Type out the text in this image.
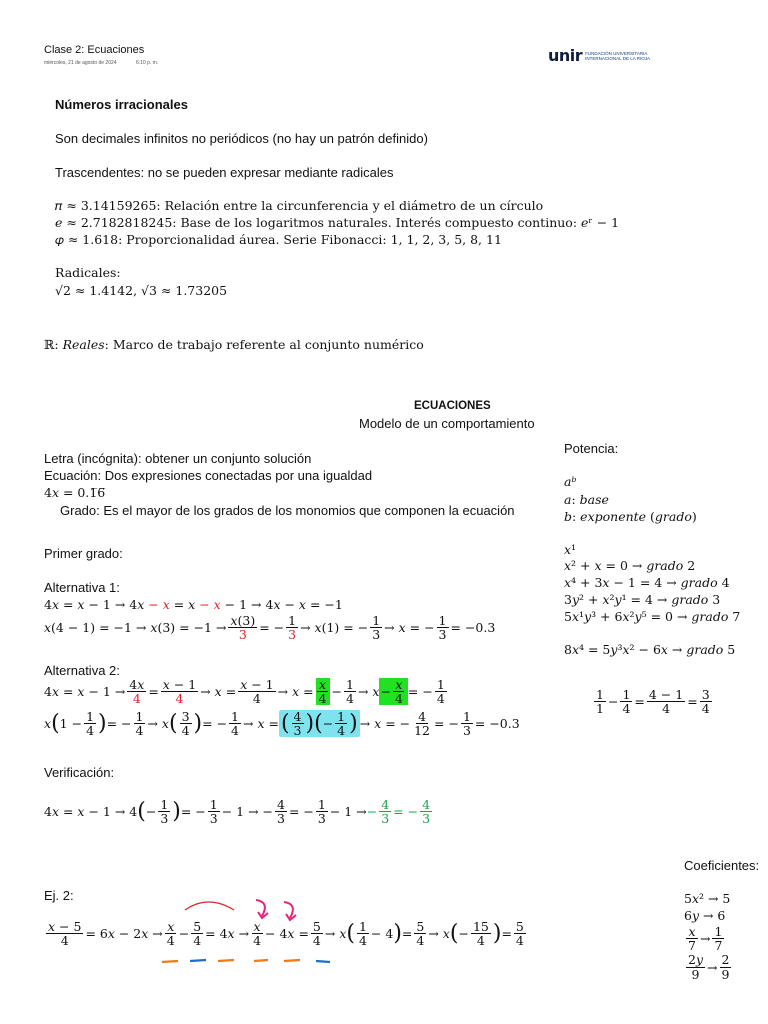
Clase 2: Ecuaciones
miércoles, 21 de agosto de 2024	6:10 p. m.	unir FUNDACIÓN UNIVERSITARIA
INTERNACIONAL DE LA RIOJA
Números irracionales
Son decimales infinitos no periódicos (no hay un patrón definido)
Trascendentes: no se pueden expresar mediante radicales
𝜋 ≈ 3.14159265: Relación entre la circunferencia y el diámetro de un círculo
𝑒 ≈ 2.7182818245: Base de los logaritmos naturales. Interés compuesto continuo: 𝑒ʳ − 1
𝜑 ≈ 1.618: Proporcionalidad áurea. Serie Fibonacci: 1, 1, 2, 3, 5, 8, 11
Radicales:
√2 ≈ 1.4142, √3 ≈ 1.73205
ℝ: 𝑅𝑒𝑎𝑙𝑒𝑠: Marco de trabajo referente al conjunto numérico
ECUACIONES
Modelo de un comportamiento
Letra (incógnita): obtener un conjunto solución
Ecuación: Dos expresiones conectadas por una igualdad
4𝑥 = 0.1̅6̅
Grado: Es el mayor de los grados de los monomios que componen la ecuación
Primer grado:
Alternativa 1:
4𝑥 = 𝑥 − 1 → 4𝑥 − 𝑥 = 𝑥 − 𝑥 − 1 → 4𝑥 − 𝑥 = −1
𝑥(4 − 1) = −1 → 𝑥(3) = $-1 \to \frac{\text{𝑥(3)}}{3}$ = − $\frac{1}{3}$ → 𝑥(1) = − $\frac{1}{3}$ → 𝑥 = − $\frac{1}{3} = -0.3$
Alternativa 2:
4𝑥 = 𝑥 − $1 \to \frac{\text{4𝑥}}{4} = \frac{\text{𝑥 − 1}}{4}$ → 𝑥 = $\frac{\text{𝑥 − 1}}{4}$ → 𝑥 = $\frac{\text{𝑥}}{4} - \frac{1}{4}$ → 𝑥 − $\frac{\text{𝑥}}{4}$ = − $\frac{1}{4}$
𝑥 ( $1 - \frac{1}{4}$ ) = − $\frac{1}{4}$ → 𝑥 ( $\frac{3}{4}$ ) = − $\frac{1}{4}$ → 𝑥 = ( $\frac{4}{3}$ ) ( − $\frac{1}{4}$ ) → 𝑥 = − $\frac{4}{12}$ = − $\frac{1}{3} = -0.3$
Verificación:
4𝑥 = 𝑥 − 1 → 4 ( − $\frac{1}{3}$ ) = − $\frac{1}{3} - 1$ → − $\frac{4}{3}$ = − $\frac{1}{3} - 1$ → − $\frac{4}{3}$ = − $\frac{4}{3}$
Ej. 2:
$\frac{\text{𝑥 − 5}}{4}$ = 6𝑥 − 2𝑥 → $\frac{\text{𝑥}}{4} - \frac{5}{4}$ = 4𝑥 → $\frac{\text{𝑥}}{4}$ − 4𝑥 = $\frac{5}{4}$ → 𝑥 ( $\frac{1}{4} - 4$ ) = $\frac{5}{4}$ → 𝑥 ( − $\frac{15}{4}$ ) = $\frac{5}{4}$
Potencia:
𝑎ᵇ
𝑎: 𝑏𝑎𝑠𝑒
𝑏: 𝑒𝑥𝑝𝑜𝑛𝑒𝑛𝑡𝑒 (𝑔𝑟𝑎𝑑𝑜)
𝑥¹
𝑥² + 𝑥 = 0 → 𝑔𝑟𝑎𝑑𝑜 2
𝑥⁴ + 3𝑥 − 1 = 4 → 𝑔𝑟𝑎𝑑𝑜 4
3𝑦² + 𝑥²𝑦¹ = 4 → 𝑔𝑟𝑎𝑑𝑜 3
5𝑥¹𝑦³ + 6𝑥²𝑦⁵ = 0 → 𝑔𝑟𝑎𝑑𝑜 7
8𝑥⁴ = 5𝑦³𝑥² − 6𝑥 → 𝑔𝑟𝑎𝑑𝑜 5
$\frac{1}{1} - \frac{1}{4} = \frac{4 - 1}{4} = \frac{3}{4}$
Coeficientes:
5𝑥² → 5
6𝑦 → 6
$\frac{\text{𝑥}}{7} \to \frac{1}{7}$
$\frac{\text{2𝑦}}{9} \to \frac{2}{9}$
